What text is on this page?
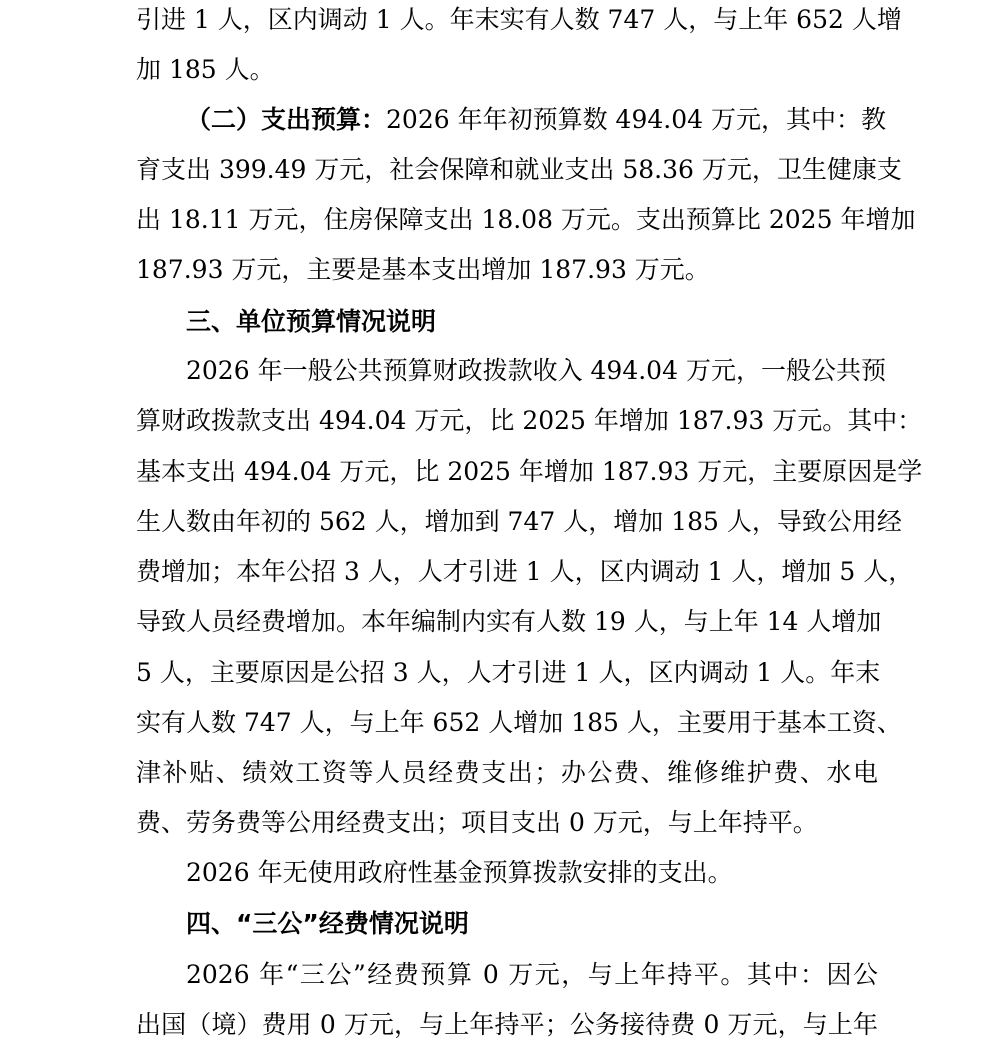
引进 1 人，区内调动 1 人。年末实有人数 747 人，与上年 652 人增
加 185 人。
（二）支出预算：2026 年年初预算数 494.04 万元，其中：教
育支出 399.49 万元，社会保障和就业支出 58.36 万元，卫生健康支
出 18.11 万元，住房保障支出 18.08 万元。支出预算比 2025 年增加
187.93 万元，主要是基本支出增加 187.93 万元。
三、单位预算情况说明
2026 年一般公共预算财政拨款收入 494.04 万元，一般公共预
算财政拨款支出 494.04 万元，比 2025 年增加 187.93 万元。其中：
基本支出 494.04 万元，比 2025 年增加 187.93 万元，主要原因是学
生人数由年初的 562 人，增加到 747 人，增加 185 人，导致公用经
费增加；本年公招 3 人，人才引进 1 人，区内调动 1 人，增加 5 人，
导致人员经费增加。本年编制内实有人数 19 人，与上年 14 人增加
5 人，主要原因是公招 3 人，人才引进 1 人，区内调动 1 人。年末
实有人数 747 人，与上年 652 人增加 185 人，主要用于基本工资、
津补贴、绩效工资等人员经费支出；办公费、维修维护费、水电
费、劳务费等公用经费支出；项目支出 0 万元，与上年持平。
2026 年无使用政府性基金预算拨款安排的支出。
四、“三公”经费情况说明
2026 年“三公”经费预算 0 万元，与上年持平。其中：因公
出国（境）费用 0 万元，与上年持平；公务接待费 0 万元，与上年
